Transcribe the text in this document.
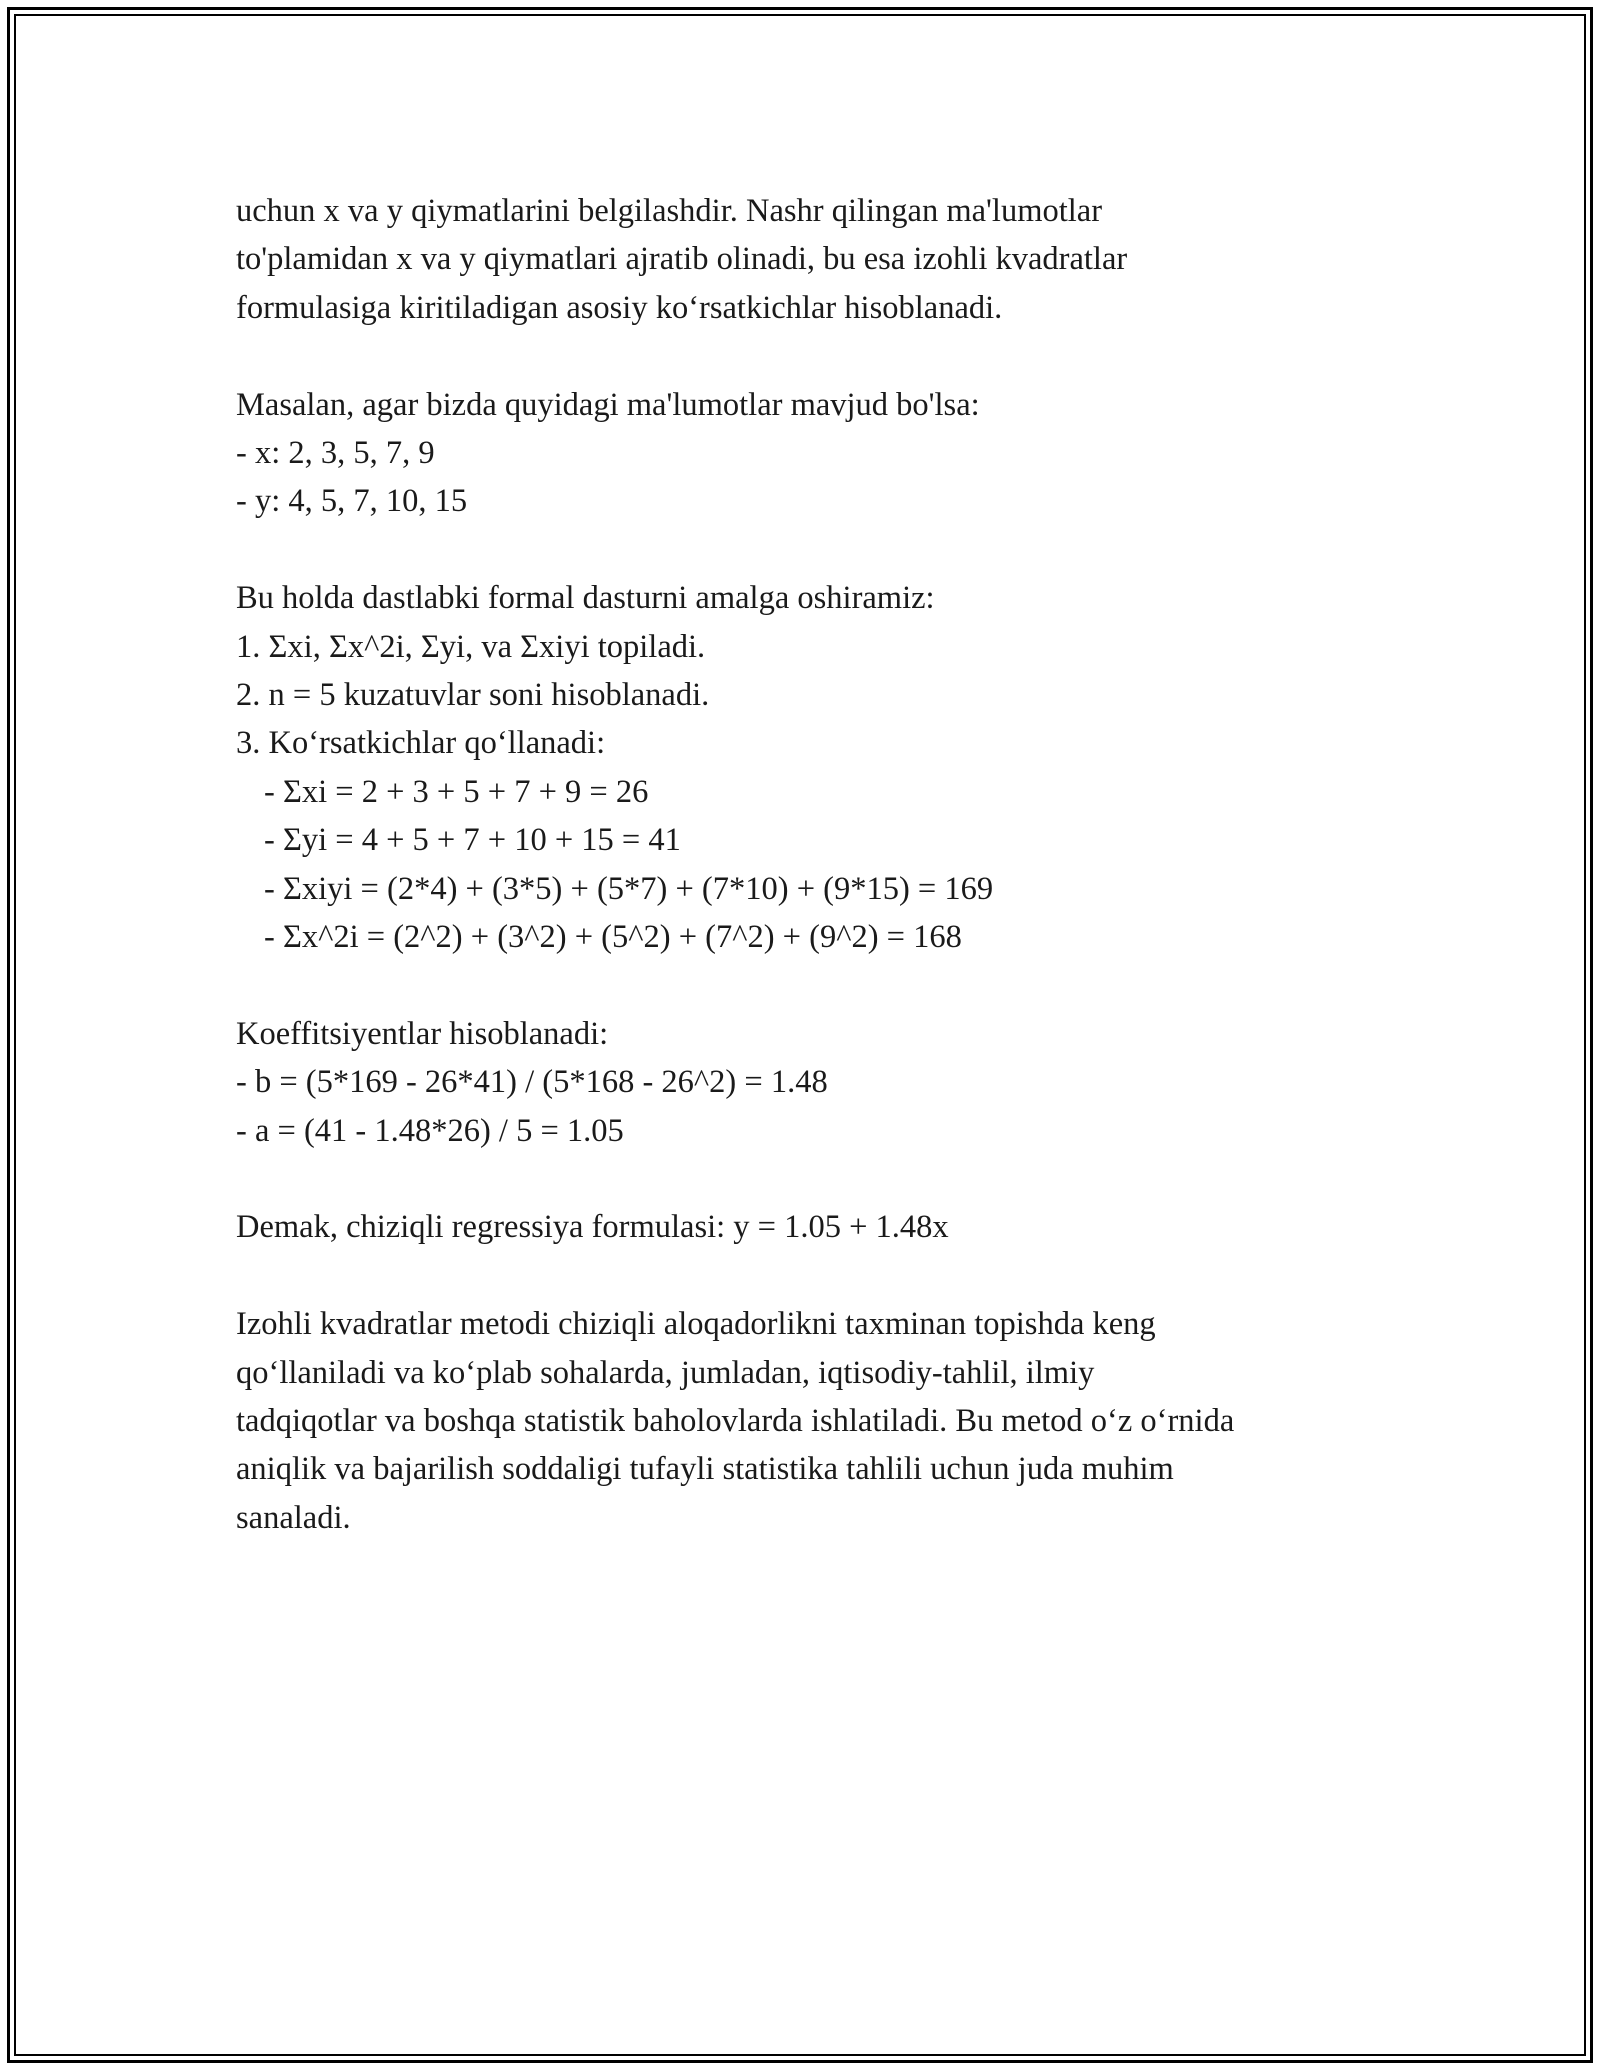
uchun x va y qiymatlarini belgilashdir. Nashr qilingan ma'lumotlar
to'plamidan x va y qiymatlari ajratib olinadi, bu esa izohli kvadratlar
formulasiga kiritiladigan asosiy ko‘rsatkichlar hisoblanadi.
Masalan, agar bizda quyidagi ma'lumotlar mavjud bo'lsa:
- x: 2, 3, 5, 7, 9
- y: 4, 5, 7, 10, 15
Bu holda dastlabki formal dasturni amalga oshiramiz:
1. Σxi, Σx^2i, Σyi, va Σxiyi topiladi.
2. n = 5 kuzatuvlar soni hisoblanadi.
3. Ko‘rsatkichlar qo‘llanadi:
- Σxi = 2 + 3 + 5 + 7 + 9 = 26
- Σyi = 4 + 5 + 7 + 10 + 15 = 41
- Σxiyi = (2*4) + (3*5) + (5*7) + (7*10) + (9*15) = 169
- Σx^2i = (2^2) + (3^2) + (5^2) + (7^2) + (9^2) = 168
Koeffitsiyentlar hisoblanadi:
- b = (5*169 - 26*41) / (5*168 - 26^2) = 1.48
- a = (41 - 1.48*26) / 5 = 1.05
Demak, chiziqli regressiya formulasi: y = 1.05 + 1.48x
Izohli kvadratlar metodi chiziqli aloqadorlikni taxminan topishda keng
qo‘llaniladi va ko‘plab sohalarda, jumladan, iqtisodiy-tahlil, ilmiy
tadqiqotlar va boshqa statistik baholovlarda ishlatiladi. Bu metod o‘z o‘rnida
aniqlik va bajarilish soddaligi tufayli statistika tahlili uchun juda muhim
sanaladi.
